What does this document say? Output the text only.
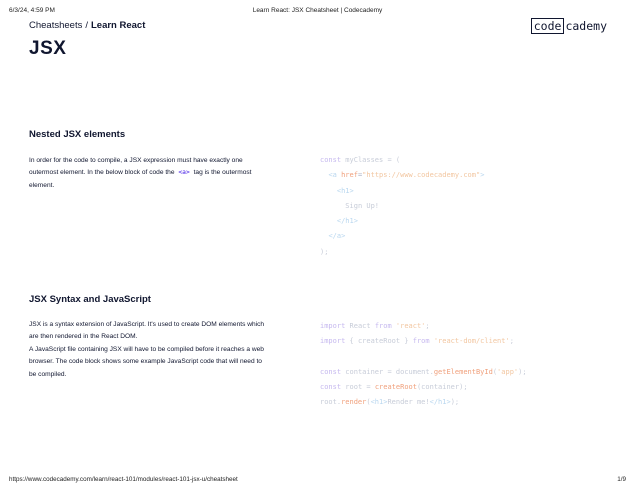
6/3/24, 4:59 PM	Learn React: JSX Cheatsheet | Codecademy
code cademy
Cheatsheets / Learn React
JSX
Nested JSX elements
In order for the code to compile, a JSX expression must have exactly one
outermost element. In the below block of code the <a> tag is the outermost
element.
const myClasses = (
<a href="https://www.codecademy.com">
<h1>
Sign Up!
</h1>
</a>
);
JSX Syntax and JavaScript
JSX is a syntax extension of JavaScript. It's used to create DOM elements which
are then rendered in the React DOM.
A JavaScript file containing JSX will have to be compiled before it reaches a web
browser. The code block shows some example JavaScript code that will need to
be compiled.
import React from 'react';
import { createRoot } from 'react-dom/client';

const container = document.getElementById('app');
const root = createRoot(container);
root.render(<h1>Render me!</h1>);
https://www.codecademy.com/learn/react-101/modules/react-101-jsx-u/cheatsheet	1/9
